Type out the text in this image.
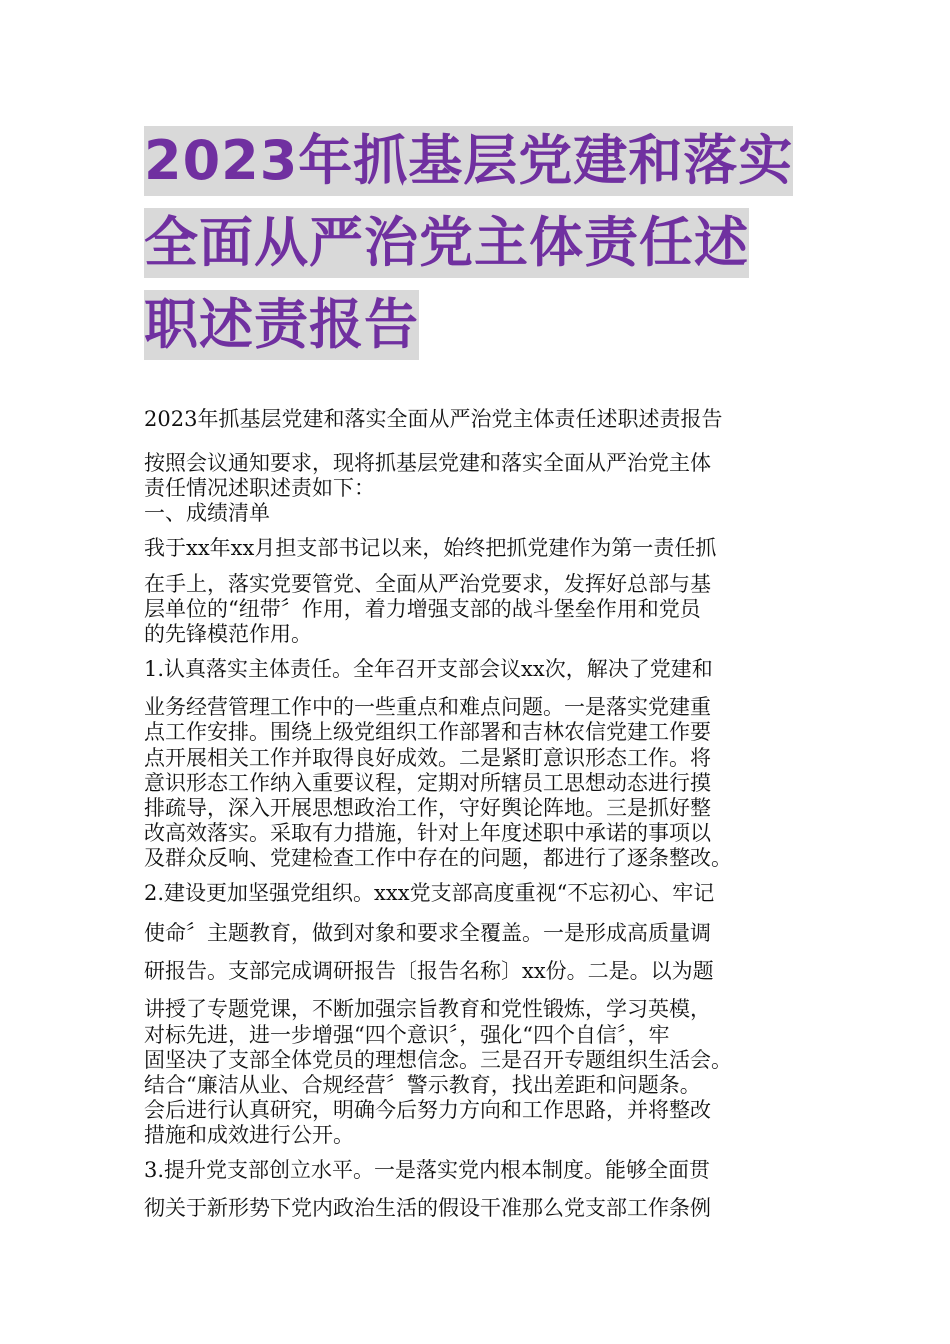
2023年抓基层党建和落实
全面从严治党主体责任述
职述责报告

2023年抓基层党建和落实全面从严治党主体责任述职述责报告

按照会议通知要求，现将抓基层党建和落实全面从严治党主体

责任情况述职述责如下：

一、成绩清单

我于xx年xx月担支部书记以来，始终把抓党建作为第一责任抓

在手上，落实党要管党、全面从严治党要求，发挥好总部与基

层单位的“纽带〞作用，着力增强支部的战斗堡垒作用和党员

的先锋模范作用。

1.认真落实主体责任。全年召开支部会议xx次，解决了党建和

业务经营管理工作中的一些重点和难点问题。一是落实党建重

点工作安排。围绕上级党组织工作部署和吉林农信党建工作要

点开展相关工作并取得良好成效。二是紧盯意识形态工作。将

意识形态工作纳入重要议程，定期对所辖员工思想动态进行摸

排疏导，深入开展思想政治工作，守好舆论阵地。三是抓好整

改高效落实。采取有力措施，针对上年度述职中承诺的事项以

及群众反响、党建检查工作中存在的问题，都进行了逐条整改。

2.建设更加坚强党组织。xxx党支部高度重视“不忘初心、牢记

使命〞主题教育，做到对象和要求全覆盖。一是形成高质量调

研报告。支部完成调研报告〔报告名称〕xx份。二是。以为题

讲授了专题党课，不断加强宗旨教育和党性锻炼，学习英模，

对标先进，进一步增强“四个意识〞，强化“四个自信〞，牢

固坚决了支部全体党员的理想信念。三是召开专题组织生活会。

结合“廉洁从业、合规经营〞警示教育，找出差距和问题条。

会后进行认真研究，明确今后努力方向和工作思路，并将整改

措施和成效进行公开。

3.提升党支部创立水平。一是落实党内根本制度。能够全面贯

彻关于新形势下党内政治生活的假设干准那么党支部工作条例
